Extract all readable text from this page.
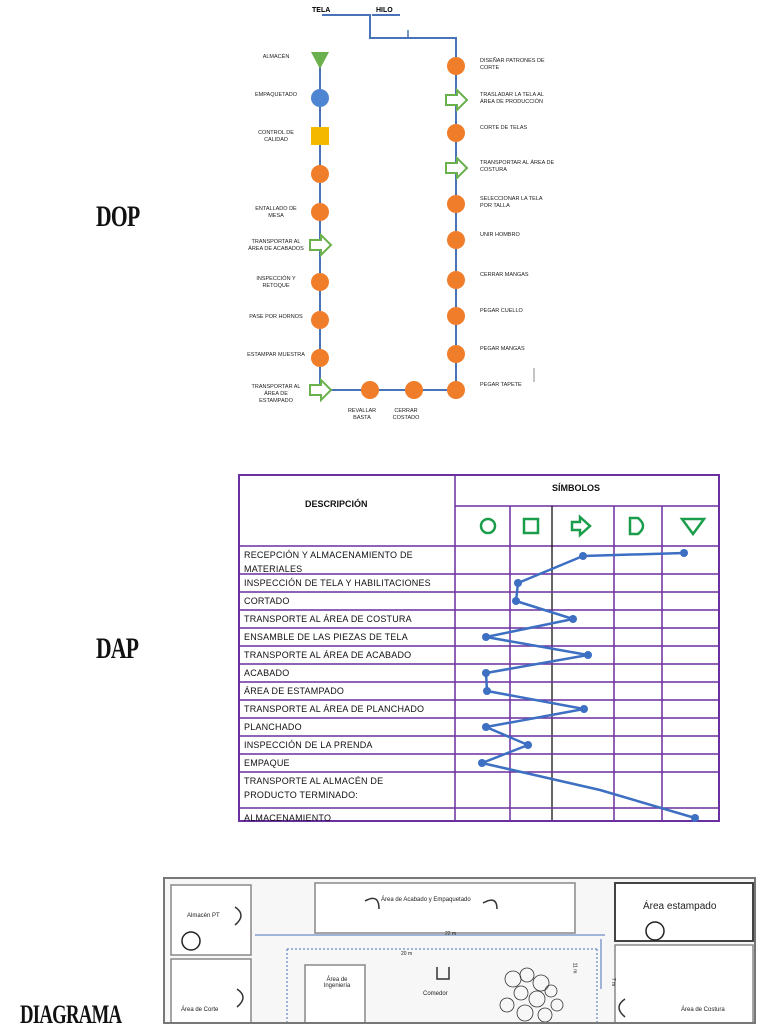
DOP
TELA	HILO
ALMACÉN
EMPAQUETADO
CONTROL DE CALIDAD
ENTALLADO DE MESA
TRANSPORTAR AL ÁREA DE ACABADOS
INSPECCIÓN Y RETOQUE
PASE POR HORNOS
ESTAMPAR MUESTRA
TRANSPORTAR AL ÁREA DE ESTAMPADO
DISEÑAR PATRONES DE CORTE
TRASLADAR LA TELA AL ÁREA DE PRODUCCIÓN
CORTE DE TELAS
TRANSPORTAR AL ÁREA DE COSTURA
SELECCIONAR LA TELA POR TALLA
UNIR HOMBRO
CERRAR MANGAS
PEGAR CUELLO
PEGAR MANGAS
PEGAR TAPETE
REVALLAR BASTA
CERRAR COSTADO
DAP
DESCRIPCIÓN
SÍMBOLOS
RECEPCIÓN Y ALMACENAMIENTO DE
MATERIALES
INSPECCIÓN DE TELA Y HABILITACIONES
CORTADO
TRANSPORTE AL ÁREA DE COSTURA
ENSAMBLE DE LAS PIEZAS DE TELA
TRANSPORTE AL ÁREA DE ACABADO
ACABADO
ÁREA DE ESTAMPADO
TRANSPORTE AL ÁREA DE PLANCHADO
PLANCHADO
INSPECCIÓN DE LA PRENDA
EMPAQUE
TRANSPORTE AL ALMACÉN DE
PRODUCTO TERMINADO:
ALMACENAMIENTO
DIAGRAMA
Almacén PT
Área de Acabado y Empaquetado
Área estampado
Área de Corte
Área de Ingeniería
Comedor
Área de Costura
22 m
20 m
11 m
7 m
